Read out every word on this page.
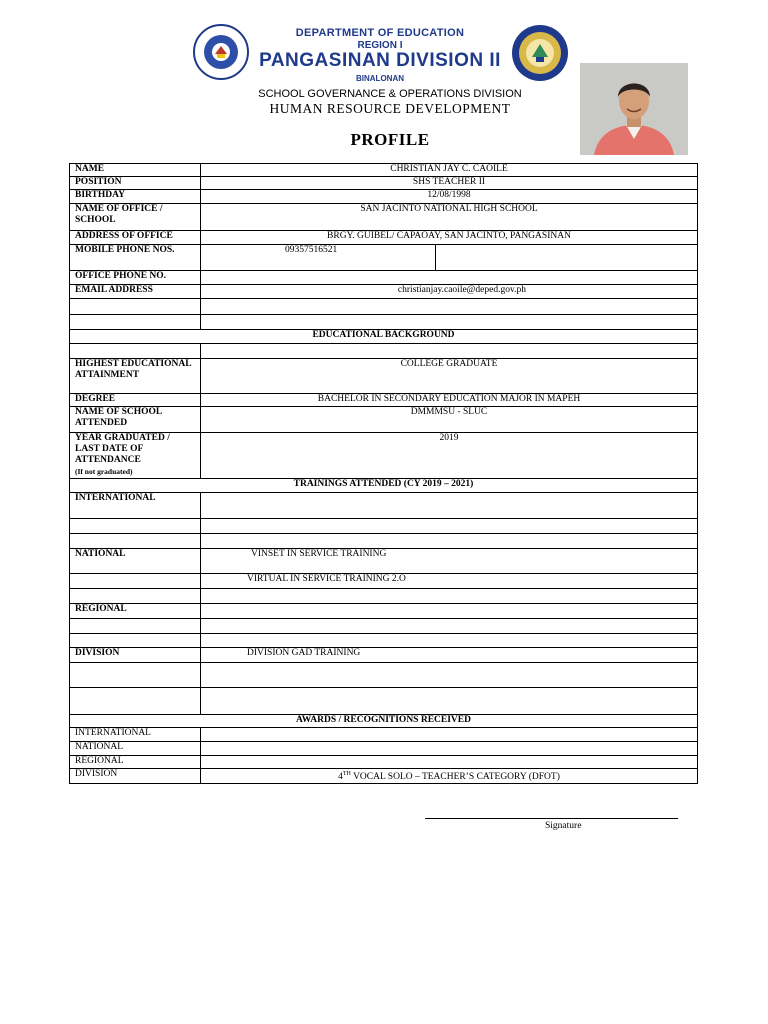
DEPARTMENT OF EDUCATION
REGION I
PANGASINAN DIVISION II
BINALONAN
SCHOOL GOVERNANCE & OPERATIONS DIVISION
HUMAN RESOURCE DEVELOPMENT
PROFILE
NAME	CHRISTIAN JAY C. CAOILE	
POSITION	SHS TEACHER II	
BIRTHDAY	12/08/1998	
NAME OF OFFICE / SCHOOL	SAN JACINTO NATIONAL HIGH SCHOOL	
ADDRESS OF OFFICE	BRGY. GUIBEL/ CAPAOAY, SAN JACINTO, PANGASINAN	
MOBILE PHONE NOS.	09357516521	
OFFICE PHONE NO.		
EMAIL ADDRESS	christianjay.caoile@deped.gov.ph	

EDUCATIONAL BACKGROUND		

HIGHEST EDUCATIONAL ATTAINMENT	COLLEGE GRADUATE	
DEGREE	BACHELOR IN SECONDARY EDUCATION MAJOR IN MAPEH	
NAME OF SCHOOL ATTENDED	DMMMSU - SLUC	
YEAR GRADUATED / LAST DATE OF ATTENDANCE
(If not graduated)	2019	
TRAININGS ATTENDED (CY 2019 – 2021)		
INTERNATIONAL		

NATIONAL	VINSET IN SERVICE TRAINING	
	VIRTUAL IN SERVICE TRAINING 2.O	

REGIONAL		

DIVISION	DIVISION GAD TRAINING	

AWARDS / RECOGNITIONS RECEIVED		
INTERNATIONAL		
NATIONAL		
REGIONAL		
DIVISION	4TH VOCAL SOLO – TEACHER’S CATEGORY (DFOT)	
Signature
